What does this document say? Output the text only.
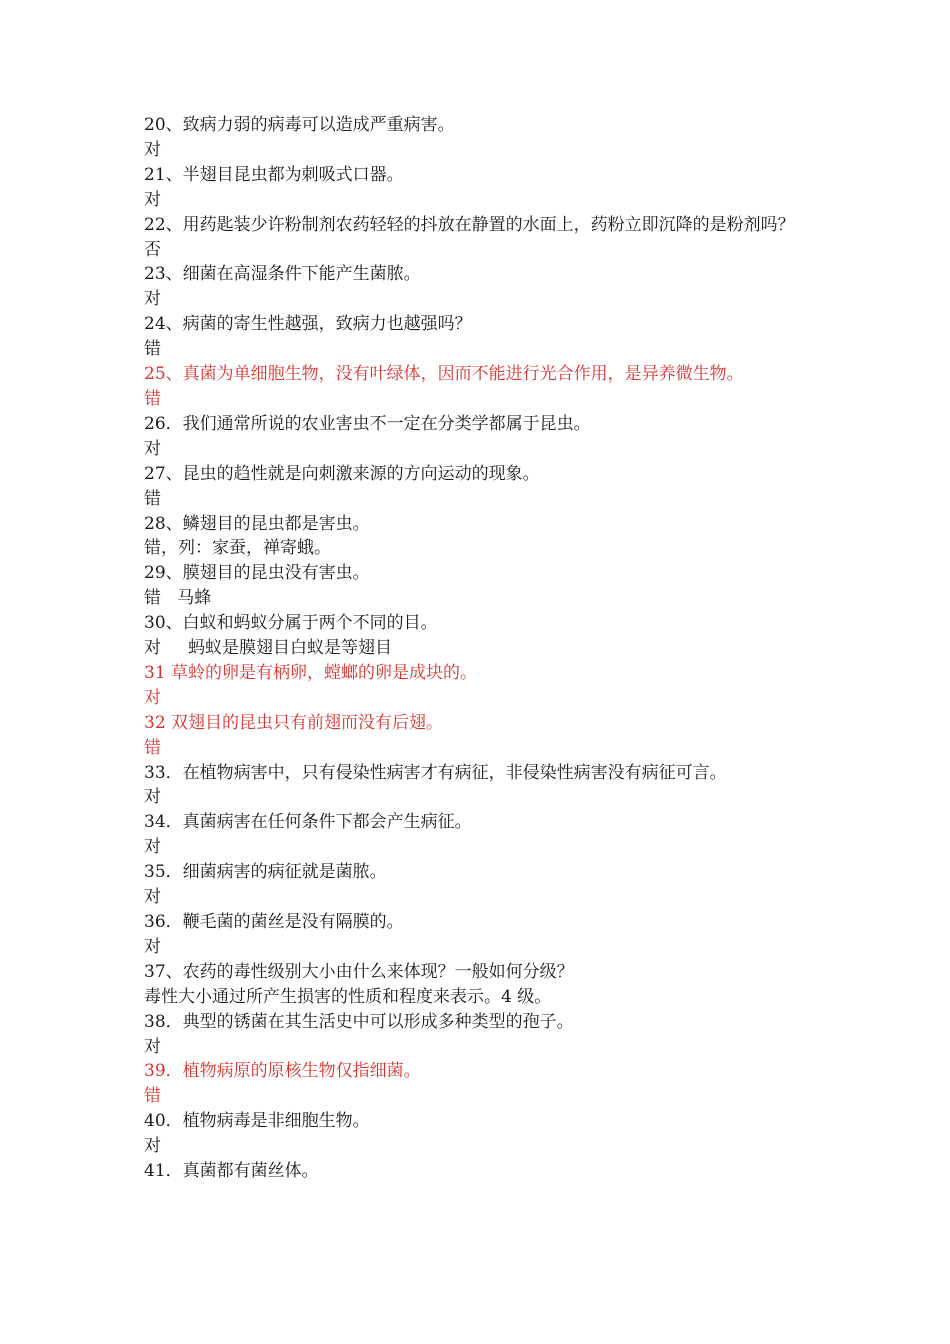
20、致病力弱的病毒可以造成严重病害。
对
21、半翅目昆虫都为刺吸式口器。
对
22、用药匙装少许粉制剂农药轻轻的抖放在静置的水面上，药粉立即沉降的是粉剂吗？
否
23、细菌在高湿条件下能产生菌脓。
对
24、病菌的寄生性越强，致病力也越强吗？
错
25、真菌为单细胞生物，没有叶绿体，因而不能进行光合作用，是异养微生物。
错
26．我们通常所说的农业害虫不一定在分类学都属于昆虫。
对
27、昆虫的趋性就是向刺激来源的方向运动的现象。
错
28、鳞翅目的昆虫都是害虫。
错，列：家蚕，禅寄蛾。
29、膜翅目的昆虫没有害虫。
错   马蜂
30、白蚁和蚂蚁分属于两个不同的目。
对     蚂蚁是膜翅目白蚁是等翅目
31 草蛉的卵是有柄卵，螳螂的卵是成块的。
对
32 双翅目的昆虫只有前翅而没有后翅。
错
33．在植物病害中，只有侵染性病害才有病征，非侵染性病害没有病征可言。
对
34．真菌病害在任何条件下都会产生病征。
对
35．细菌病害的病征就是菌脓。
对
36．鞭毛菌的菌丝是没有隔膜的。
对
37、农药的毒性级别大小由什么来体现？一般如何分级？
毒性大小通过所产生损害的性质和程度来表示。4 级。
38．典型的锈菌在其生活史中可以形成多种类型的孢子。
对
39．植物病原的原核生物仅指细菌。
错
40．植物病毒是非细胞生物。
对
41．真菌都有菌丝体。
